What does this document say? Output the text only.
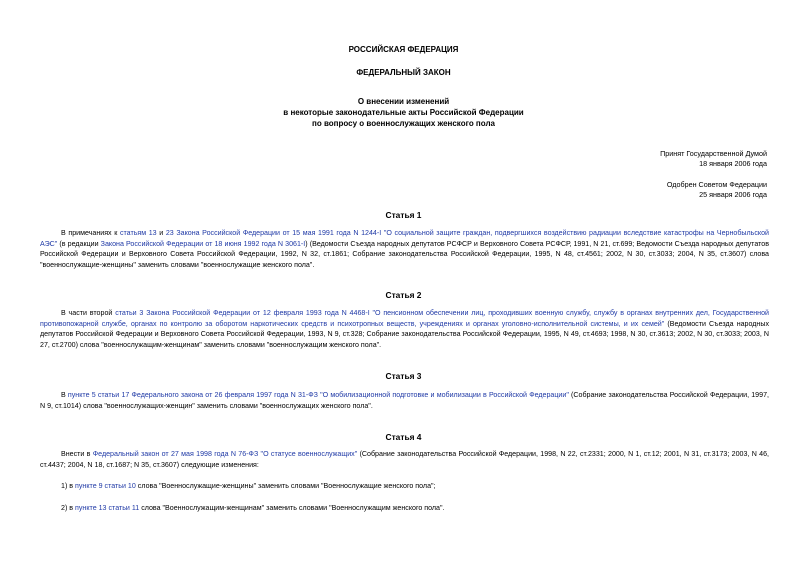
РОССИЙСКАЯ ФЕДЕРАЦИЯ
ФЕДЕРАЛЬНЫЙ ЗАКОН
О внесении изменений
в некоторые законодательные акты Российской Федерации
по вопросу о военнослужащих женского пола
Принят Государственной Думой
18 января 2006 года
Одобрен Советом Федерации
25 января 2006 года
Статья 1
В примечаниях к статьям 13 и 23 Закона Российской Федерации от 15 мая 1991 года N 1244-I "О социальной защите граждан, подвергшихся воздействию радиации вследствие катастрофы на Чернобыльской АЭС" (в редакции Закона Российской Федерации от 18 июня 1992 года N 3061-I) (Ведомости Съезда народных депутатов РСФСР и Верховного Совета РСФСР, 1991, N 21, ст.699; Ведомости Съезда народных депутатов Российской Федерации и Верховного Совета Российской Федерации, 1992, N 32, ст.1861; Собрание законодательства Российской Федерации, 1995, N 48, ст.4561; 2002, N 30, ст.3033; 2004, N 35, ст.3607) слова "военнослужащие-женщины" заменить словами "военнослужащие женского пола".
Статья 2
В части второй статьи 3 Закона Российской Федерации от 12 февраля 1993 года N 4468-I "О пенсионном обеспечении лиц, проходивших военную службу, службу в органах внутренних дел, Государственной противопожарной службе, органах по контролю за оборотом наркотических средств и психотропных веществ, учреждениях и органах уголовно-исполнительной системы, и их семей" (Ведомости Съезда народных депутатов Российской Федерации и Верховного Совета Российской Федерации, 1993, N 9, ст.328; Собрание законодательства Российской Федерации, 1995, N 49, ст.4693; 1998, N 30, ст.3613; 2002, N 30, ст.3033; 2003, N 27, ст.2700) слова "военнослужащим-женщинам" заменить словами "военнослужащим женского пола".
Статья 3
В пункте 5 статьи 17 Федерального закона от 26 февраля 1997 года N 31-ФЗ "О мобилизационной подготовке и мобилизации в Российской Федерации" (Собрание законодательства Российской Федерации, 1997, N 9, ст.1014) слова "военнослужащих-женщин" заменить словами "военнослужащих женского пола".
Статья 4
Внести в Федеральный закон от 27 мая 1998 года N 76-ФЗ "О статусе военнослужащих" (Собрание законодательства Российской Федерации, 1998, N 22, ст.2331; 2000, N 1, ст.12; 2001, N 31, ст.3173; 2003, N 46, ст.4437; 2004, N 18, ст.1687; N 35, ст.3607) следующие изменения:
1) в пункте 9 статьи 10 слова "Военнослужащие-женщины" заменить словами "Военнослужащие женского пола";
2) в пункте 13 статьи 11 слова "Военнослужащим-женщинам" заменить словами "Военнослужащим женского пола".
